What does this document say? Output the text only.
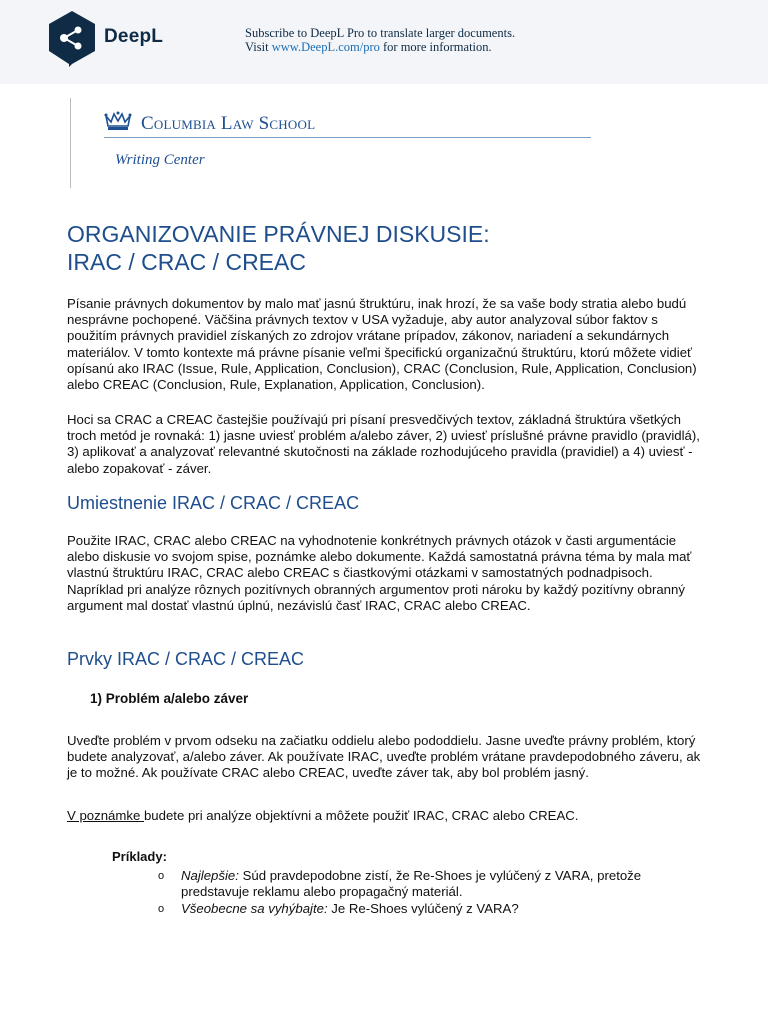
DeepL	Subscribe to DeepL Pro to translate larger documents.
Visit www.DeepL.com/pro for more information.
Columbia Law School
Writing Center
ORGANIZOVANIE PRÁVNEJ DISKUSIE:
IRAC / CRAC / CREAC

Písanie právnych dokumentov by malo mať jasnú štruktúru, inak hrozí, že sa vaše body stratia alebo budú nesprávne pochopené. Väčšina právnych textov v USA vyžaduje, aby autor analyzoval súbor faktov s použitím právnych pravidiel získaných zo zdrojov vrátane prípadov, zákonov, nariadení a sekundárnych materiálov. V tomto kontexte má právne písanie veľmi špecifickú organizačnú štruktúru, ktorú môžete vidieť opísanú ako IRAC (Issue, Rule, Application, Conclusion), CRAC (Conclusion, Rule, Application, Conclusion) alebo CREAC (Conclusion, Rule, Explanation, Application, Conclusion).

Hoci sa CRAC a CREAC častejšie používajú pri písaní presvedčivých textov, základná štruktúra všetkých troch metód je rovnaká: 1) jasne uviesť problém a/alebo záver, 2) uviesť príslušné právne pravidlo (pravidlá), 3) aplikovať a analyzovať relevantné skutočnosti na základe rozhodujúceho pravidla (pravidiel) a 4) uviesť - alebo zopakovať - záver.

Umiestnenie IRAC / CRAC / CREAC

Použite IRAC, CRAC alebo CREAC na vyhodnotenie konkrétnych právnych otázok v časti argumentácie alebo diskusie vo svojom spise, poznámke alebo dokumente. Každá samostatná právna téma by mala mať vlastnú štruktúru IRAC, CRAC alebo CREAC s čiastkovými otázkami v samostatných podnadpisoch. Napríklad pri analýze rôznych pozitívnych obranných argumentov proti nároku by každý pozitívny obranný argument mal dostať vlastnú úplnú, nezávislú časť IRAC, CRAC alebo CREAC.

Prvky IRAC / CRAC / CREAC
1) Problém a/alebo záver

Uveďte problém v prvom odseku na začiatku oddielu alebo pododdielu. Jasne uveďte právny problém, ktorý budete analyzovať, a/alebo záver. Ak používate IRAC, uveďte problém vrátane pravdepodobného záveru, ak je to možné. Ak používate CRAC alebo CREAC, uveďte záver tak, aby bol problém jasný.

V poznámke budete pri analýze objektívni a môžete použiť IRAC, CRAC alebo CREAC.

Príklady:
o Najlepšie: Súd pravdepodobne zistí, že Re-Shoes je vylúčený z VARA, pretože predstavuje reklamu alebo propagačný materiál.
o Všeobecne sa vyhýbajte: Je Re-Shoes vylúčený z VARA?
